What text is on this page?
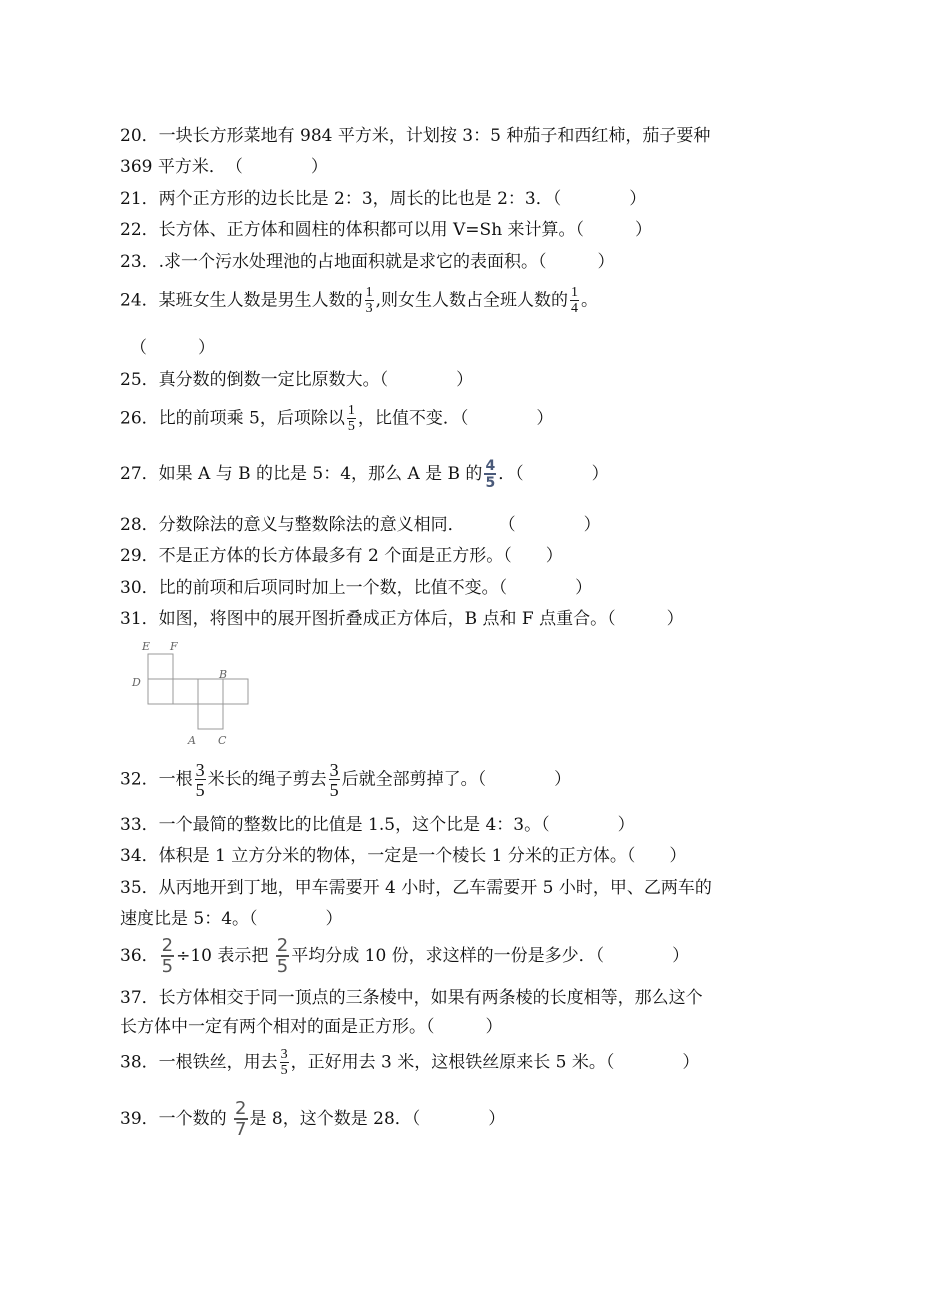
20．一块长方形菜地有 984 平方米，计划按 3：5 种茄子和西红柿，茄子要种
369 平方米．　（　　　　）
21．两个正方形的边长比是 2：3，周长的比也是 2：3．（　　　　）
22．长方体、正方体和圆柱的体积都可以用 V=Sh 来计算。（　　　）
23．.求一个污水处理池的占地面积就是求它的表面积。（　　　）
24．某班女生人数是男生人数的 $\frac{1}{3}$ ,则女生人数占全班人数的 $\frac{1}{4}$ 。
（　　　）
25．真分数的倒数一定比原数大。（　　　　）
26．比的前项乘 5，后项除以 $\frac{1}{5}$ ，比值不变．（　　　　）
27．如果 A 与 B 的比是 5：4，那么 A 是 B 的 $\frac{4}{5}$ ．（　　　　）
28．分数除法的意义与整数除法的意义相同．　　　（　　　　）
29．不是正方体的长方体最多有 2 个面是正方形。（　　）
30．比的前项和后项同时加上一个数，比值不变。（　　　　）
31．如图，将图中的展开图折叠成正方体后，B 点和 F 点重合。（　　　）
E F
D
B
A C
32．一根 $\frac{3}{5}$ 米长的绳子剪去 $\frac{3}{5}$ 后就全部剪掉了。（　　　　）
33．一个最简的整数比的比值是 1.5，这个比是 4：3。（　　　　）
34．体积是 1 立方分米的物体，一定是一个棱长 1 分米的正方体。（　　）
35．从丙地开到丁地，甲车需要开 4 小时，乙车需要开 5 小时，甲、乙两车的
速度比是 5：4。（　　　　）
36． $\frac{2}{5} \div 10$ 表示把 $\frac{2}{5}$ 平均分成 10 份，求这样的一份是多少．（　　　　）
37．长方体相交于同一顶点的三条棱中，如果有两条棱的长度相等，那么这个
长方体中一定有两个相对的面是正方形。（　　　）
38．一根铁丝，用去 $\frac{3}{5}$ ，正好用去 3 米，这根铁丝原来长 5 米。（　　　　）
39．一个数的 $\frac{2}{7}$ 是 8，这个数是 28．（　　　　）
